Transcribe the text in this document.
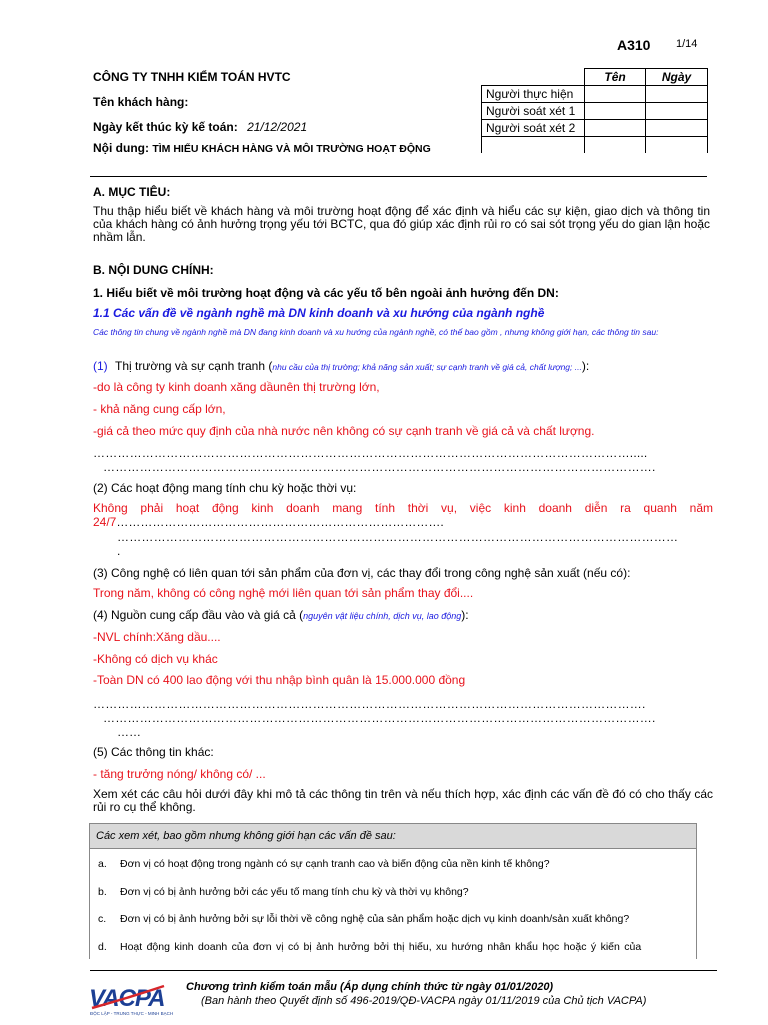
A310 1/14
CÔNG TY TNHH KIỂM TOÁN HVTC
Tên khách hàng:
Ngày kết thúc kỳ kế toán: 21/12/2021
Nội dung: TÌM HIỂU KHÁCH HÀNG VÀ MÔI TRƯỜNG HOẠT ĐỘNG
	Tên	Ngày
Người thực hiện		
Người soát xét 1		
Người soát xét 2		

A. MỤC TIÊU:
Thu thập hiểu biết về khách hàng và môi trường hoạt động để xác định và hiểu các sự kiện, giao dịch và thông tin của khách hàng có ảnh hưởng trọng yếu tới BCTC, qua đó giúp xác định rủi ro có sai sót trọng yếu do gian lận hoặc nhầm lẫn.
B. NỘI DUNG CHÍNH:
1. Hiểu biết về môi trường hoạt động và các yếu tố bên ngoài ảnh hưởng đến DN:
1.1 Các vấn đề về ngành nghề mà DN kinh doanh và xu hướng của ngành nghề
Các thông tin chung về ngành nghề mà DN đang kinh doanh và xu hướng của ngành nghề, có thể bao gồm , nhưng không giới hạn, các thông tin sau:
(1) Thị trường và sự cạnh tranh (nhu cầu của thị trường; khả năng sản xuất; sự cạnh tranh về giá cả, chất lượng; ...):
-do là công ty kinh doanh xăng dầunên thị trường lớn,
- khả năng cung cấp lớn,
-giá cả theo mức quy định của nhà nước nên không có sự cạnh tranh về giá cả và chất lượng.
…………………………………………………………………………………………………………………….....
……………………………………………………………………………………………………………………….
(2) Các hoạt động mang tính chu kỳ hoặc thời vụ:
Không phải hoạt động kinh doanh mang tính thời vụ, việc kinh doanh diễn ra quanh năm
24/7……………………………………………………………………….
…………………………………………………………………………………………………………………………
.
(3) Công nghệ có liên quan tới sản phẩm của đơn vị, các thay đổi trong công nghệ sản xuất (nếu có):
Trong năm, không có công nghệ mới liên quan tới sản phẩm thay đổi....
(4) Nguồn cung cấp đầu vào và giá cả (nguyên vật liệu chính, dịch vụ, lao động):
-NVL chính:Xăng dầu....
-Không có dịch vụ khác
-Toàn DN có 400 lao động với thu nhập bình quân là 15.000.000 đồng
……………………………………………………………………………………………………………………….
……………………………………………………………………………………………………………………….
……
(5) Các thông tin khác:
- tăng trưởng nóng/ không có/ ...
Xem xét các câu hỏi dưới đây khi mô tả các thông tin trên và nếu thích hợp, xác định các vấn đề đó có cho thấy các rủi ro cụ thể không.
Các xem xét, bao gồm nhưng không giới hạn các vấn đề sau:
a. Đơn vị có hoạt động trong ngành có sự cạnh tranh cao và biến động của nền kinh tế không?
b. Đơn vị có bị ảnh hưởng bởi các yếu tố mang tính chu kỳ và thời vụ không?
c. Đơn vị có bị ảnh hưởng bởi sự lỗi thời về công nghệ của sản phẩm hoặc dịch vụ kinh doanh/sản xuất không?
d. Hoạt động kinh doanh của đơn vị có bị ảnh hưởng bởi thị hiếu, xu hướng nhân khẩu học hoặc ý kiến của
VACPA
ĐỘC LẬP - TRUNG THỰC - MINH BẠCH
Chương trình kiểm toán mẫu (Áp dụng chính thức từ ngày 01/01/2020)
(Ban hành theo Quyết định số 496-2019/QĐ-VACPA ngày 01/11/2019 của Chủ tịch VACPA)
